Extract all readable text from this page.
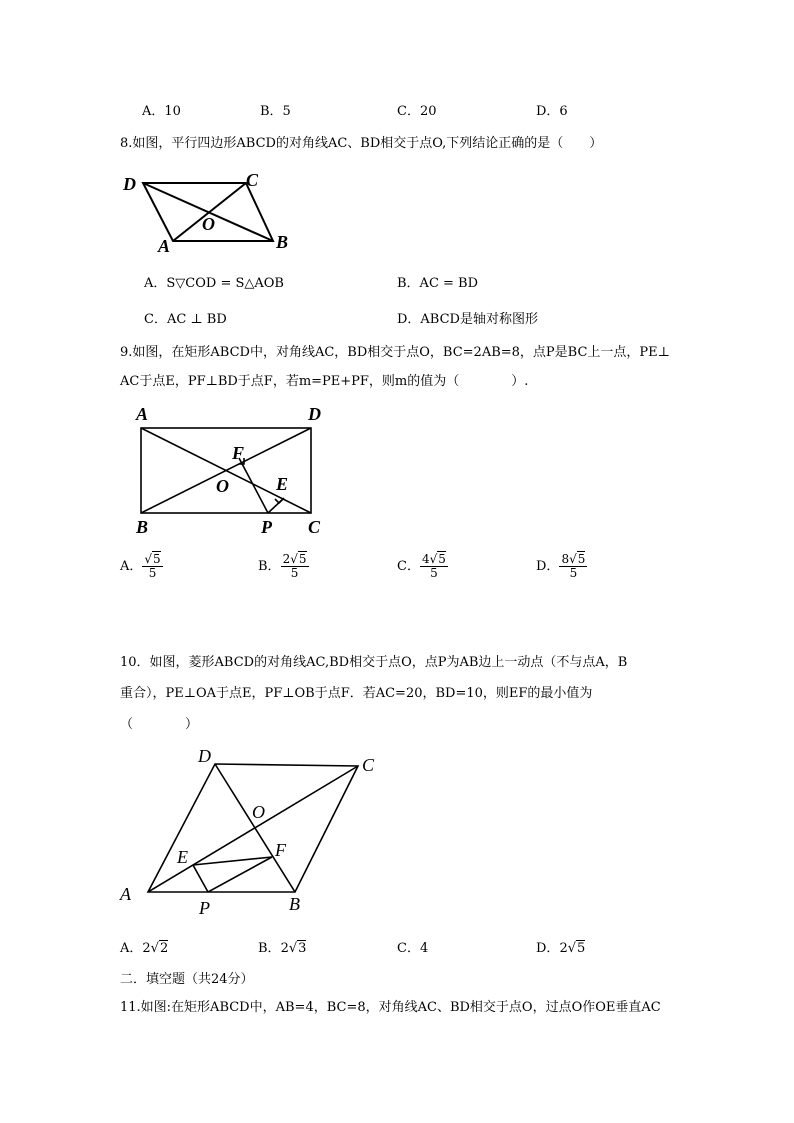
A．10	B．5	C．20	D．6
8.如图，平行四边形ABCD的对角线AC、BD相交于点O,下列结论正确的是（　　）
D	C
O
A	B
A．S▽COD = S△AOB	B．AC = BD
C．AC ⊥ BD	D．ABCD是轴对称图形
9.如图，在矩形ABCD中，对角线AC，BD相交于点O，BC=2AB=8，点P是BC上一点，PE⊥
AC于点E，PF⊥BD于点F，若m=PE+PF，则m的值为（　　　　）.
A	D
F
O	E
B	P C
A． $\frac{√5}{5}$	B． $\frac{2√5}{5}$	C． $\frac{4√5}{5}$	D． $\frac{8√5}{5}$
10．如图，菱形ABCD的对角线AC,BD相交于点O，点P为AB边上一动点（不与点A，B
重合），PE⊥OA于点E，PF⊥OB于点F．若AC=20，BD=10，则EF的最小值为
（　　　　）
D	C
O
E	F
A
P	B
A．2√2	B．2√3	C．4	D．2√5
二．填空题（共24分）
11.如图:在矩形ABCD中，AB=4，BC=8，对角线AC、BD相交于点O，过点O作OE垂直AC
